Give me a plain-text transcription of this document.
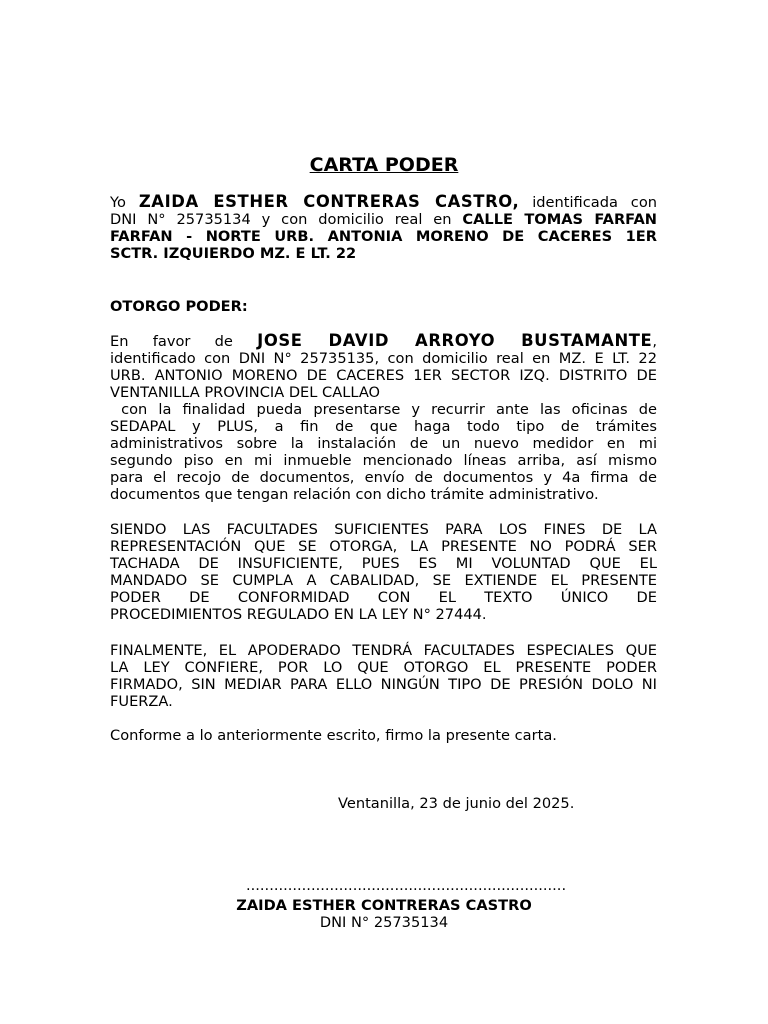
CARTA PODER
Yo ZAIDA ESTHER CONTRERAS CASTRO, identificada con
DNI N° 25735134 y con domicilio real en CALLE TOMAS FARFAN
FARFAN - NORTE URB. ANTONIA MORENO DE CACERES 1ER
SCTR. IZQUIERDO MZ. E LT. 22

OTORGO PODER:

En favor de JOSE DAVID ARROYO BUSTAMANTE,
identificado con DNI N° 25735135, con domicilio real en MZ. E LT. 22
URB. ANTONIO MORENO DE CACERES 1ER SECTOR IZQ. DISTRITO DE
VENTANILLA PROVINCIA DEL CALLAO
con la finalidad pueda presentarse y recurrir ante las oficinas de
SEDAPAL y PLUS, a fin de que haga todo tipo de trámites
administrativos sobre la instalación de un nuevo medidor en mi
segundo piso en mi inmueble mencionado líneas arriba, así mismo
para el recojo de documentos, envío de documentos y 4a firma de
documentos que tengan relación con dicho trámite administrativo.
SIENDO LAS FACULTADES SUFICIENTES PARA LOS FINES DE LA
REPRESENTACIÓN QUE SE OTORGA, LA PRESENTE NO PODRÁ SER
TACHADA DE INSUFICIENTE, PUES ES MI VOLUNTAD QUE EL
MANDADO SE CUMPLA A CABALIDAD, SE EXTIENDE EL PRESENTE
PODER DE CONFORMIDAD CON EL TEXTO ÚNICO DE
PROCEDIMIENTOS REGULADO EN LA LEY N° 27444.
FINALMENTE, EL APODERADO TENDRÁ FACULTADES ESPECIALES QUE
LA LEY CONFIERE, POR LO QUE OTORGO EL PRESENTE PODER
FIRMADO, SIN MEDIAR PARA ELLO NINGÚN TIPO DE PRESIÓN DOLO NI
FUERZA.

Conforme a lo anteriormente escrito, firmo la presente carta.

Ventanilla, 23 de junio del 2025.

.....................................................................

ZAIDA ESTHER CONTRERAS CASTRO

DNI N° 25735134
